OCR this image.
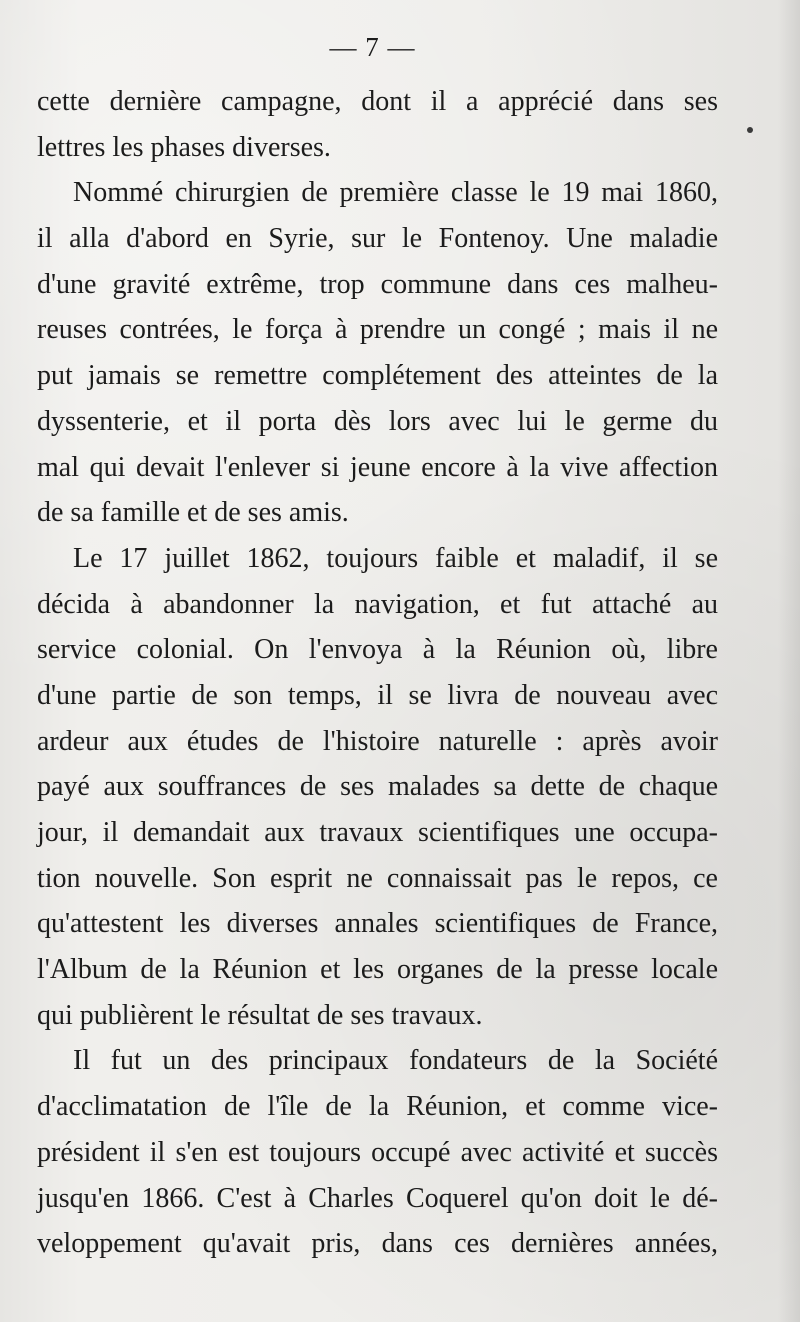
— 7 —
cette dernière campagne, dont il a apprécié dans ses
lettres les phases diverses.
Nommé chirurgien de première classe le 19 mai 1860,
il alla d'abord en Syrie, sur le Fontenoy. Une maladie
d'une gravité extrême, trop commune dans ces malheu-
reuses contrées, le força à prendre un congé ; mais il ne
put jamais se remettre complétement des atteintes de la
dyssenterie, et il porta dès lors avec lui le germe du
mal qui devait l'enlever si jeune encore à la vive affection
de sa famille et de ses amis.
Le 17 juillet 1862, toujours faible et maladif, il se
décida à abandonner la navigation, et fut attaché au
service colonial. On l'envoya à la Réunion où, libre
d'une partie de son temps, il se livra de nouveau avec
ardeur aux études de l'histoire naturelle : après avoir
payé aux souffrances de ses malades sa dette de chaque
jour, il demandait aux travaux scientifiques une occupa-
tion nouvelle. Son esprit ne connaissait pas le repos, ce
qu'attestent les diverses annales scientifiques de France,
l'Album de la Réunion et les organes de la presse locale
qui publièrent le résultat de ses travaux.
Il fut un des principaux fondateurs de la Société
d'acclimatation de l'île de la Réunion, et comme vice-
président il s'en est toujours occupé avec activité et succès
jusqu'en 1866. C'est à Charles Coquerel qu'on doit le dé-
veloppement qu'avait pris, dans ces dernières années,
